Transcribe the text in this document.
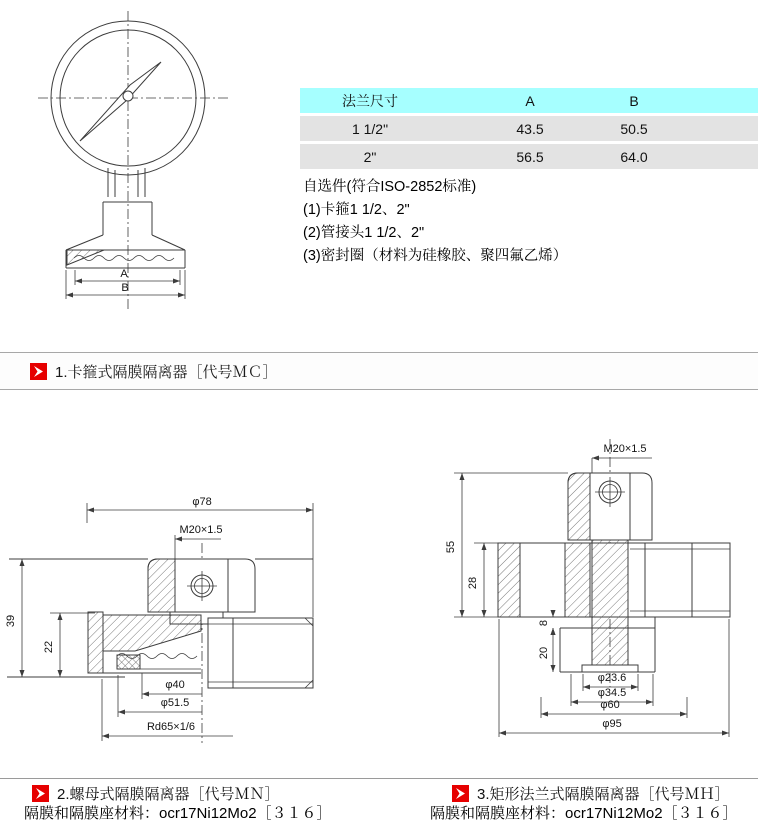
A
B
法兰尺寸	A	B
1 1/2"	43.5	50.5
2"	56.5	64.0
自选件(符合ISO-2852标准)
(1)卡箍1 1/2、2"
(2)管接头1 1/2、2"
(3)密封圈（材料为硅橡胶、聚四氟乙烯）
1.卡箍式隔膜隔离器［代号ＭＣ］
φ78
M20×1.5
39
22
φ40
φ51.5
Rd65×1/6
M20×1.5
55
28
8
20
φ23.6
φ34.5
φ60
φ95
2.螺母式隔膜隔离器［代号ＭＮ］
隔膜和隔膜座材料：ocr17Ni12Mo2［３１６］
3.矩形法兰式隔膜隔离器［代号ＭＨ］
隔膜和隔膜座材料：ocr17Ni12Mo2［３１６］
